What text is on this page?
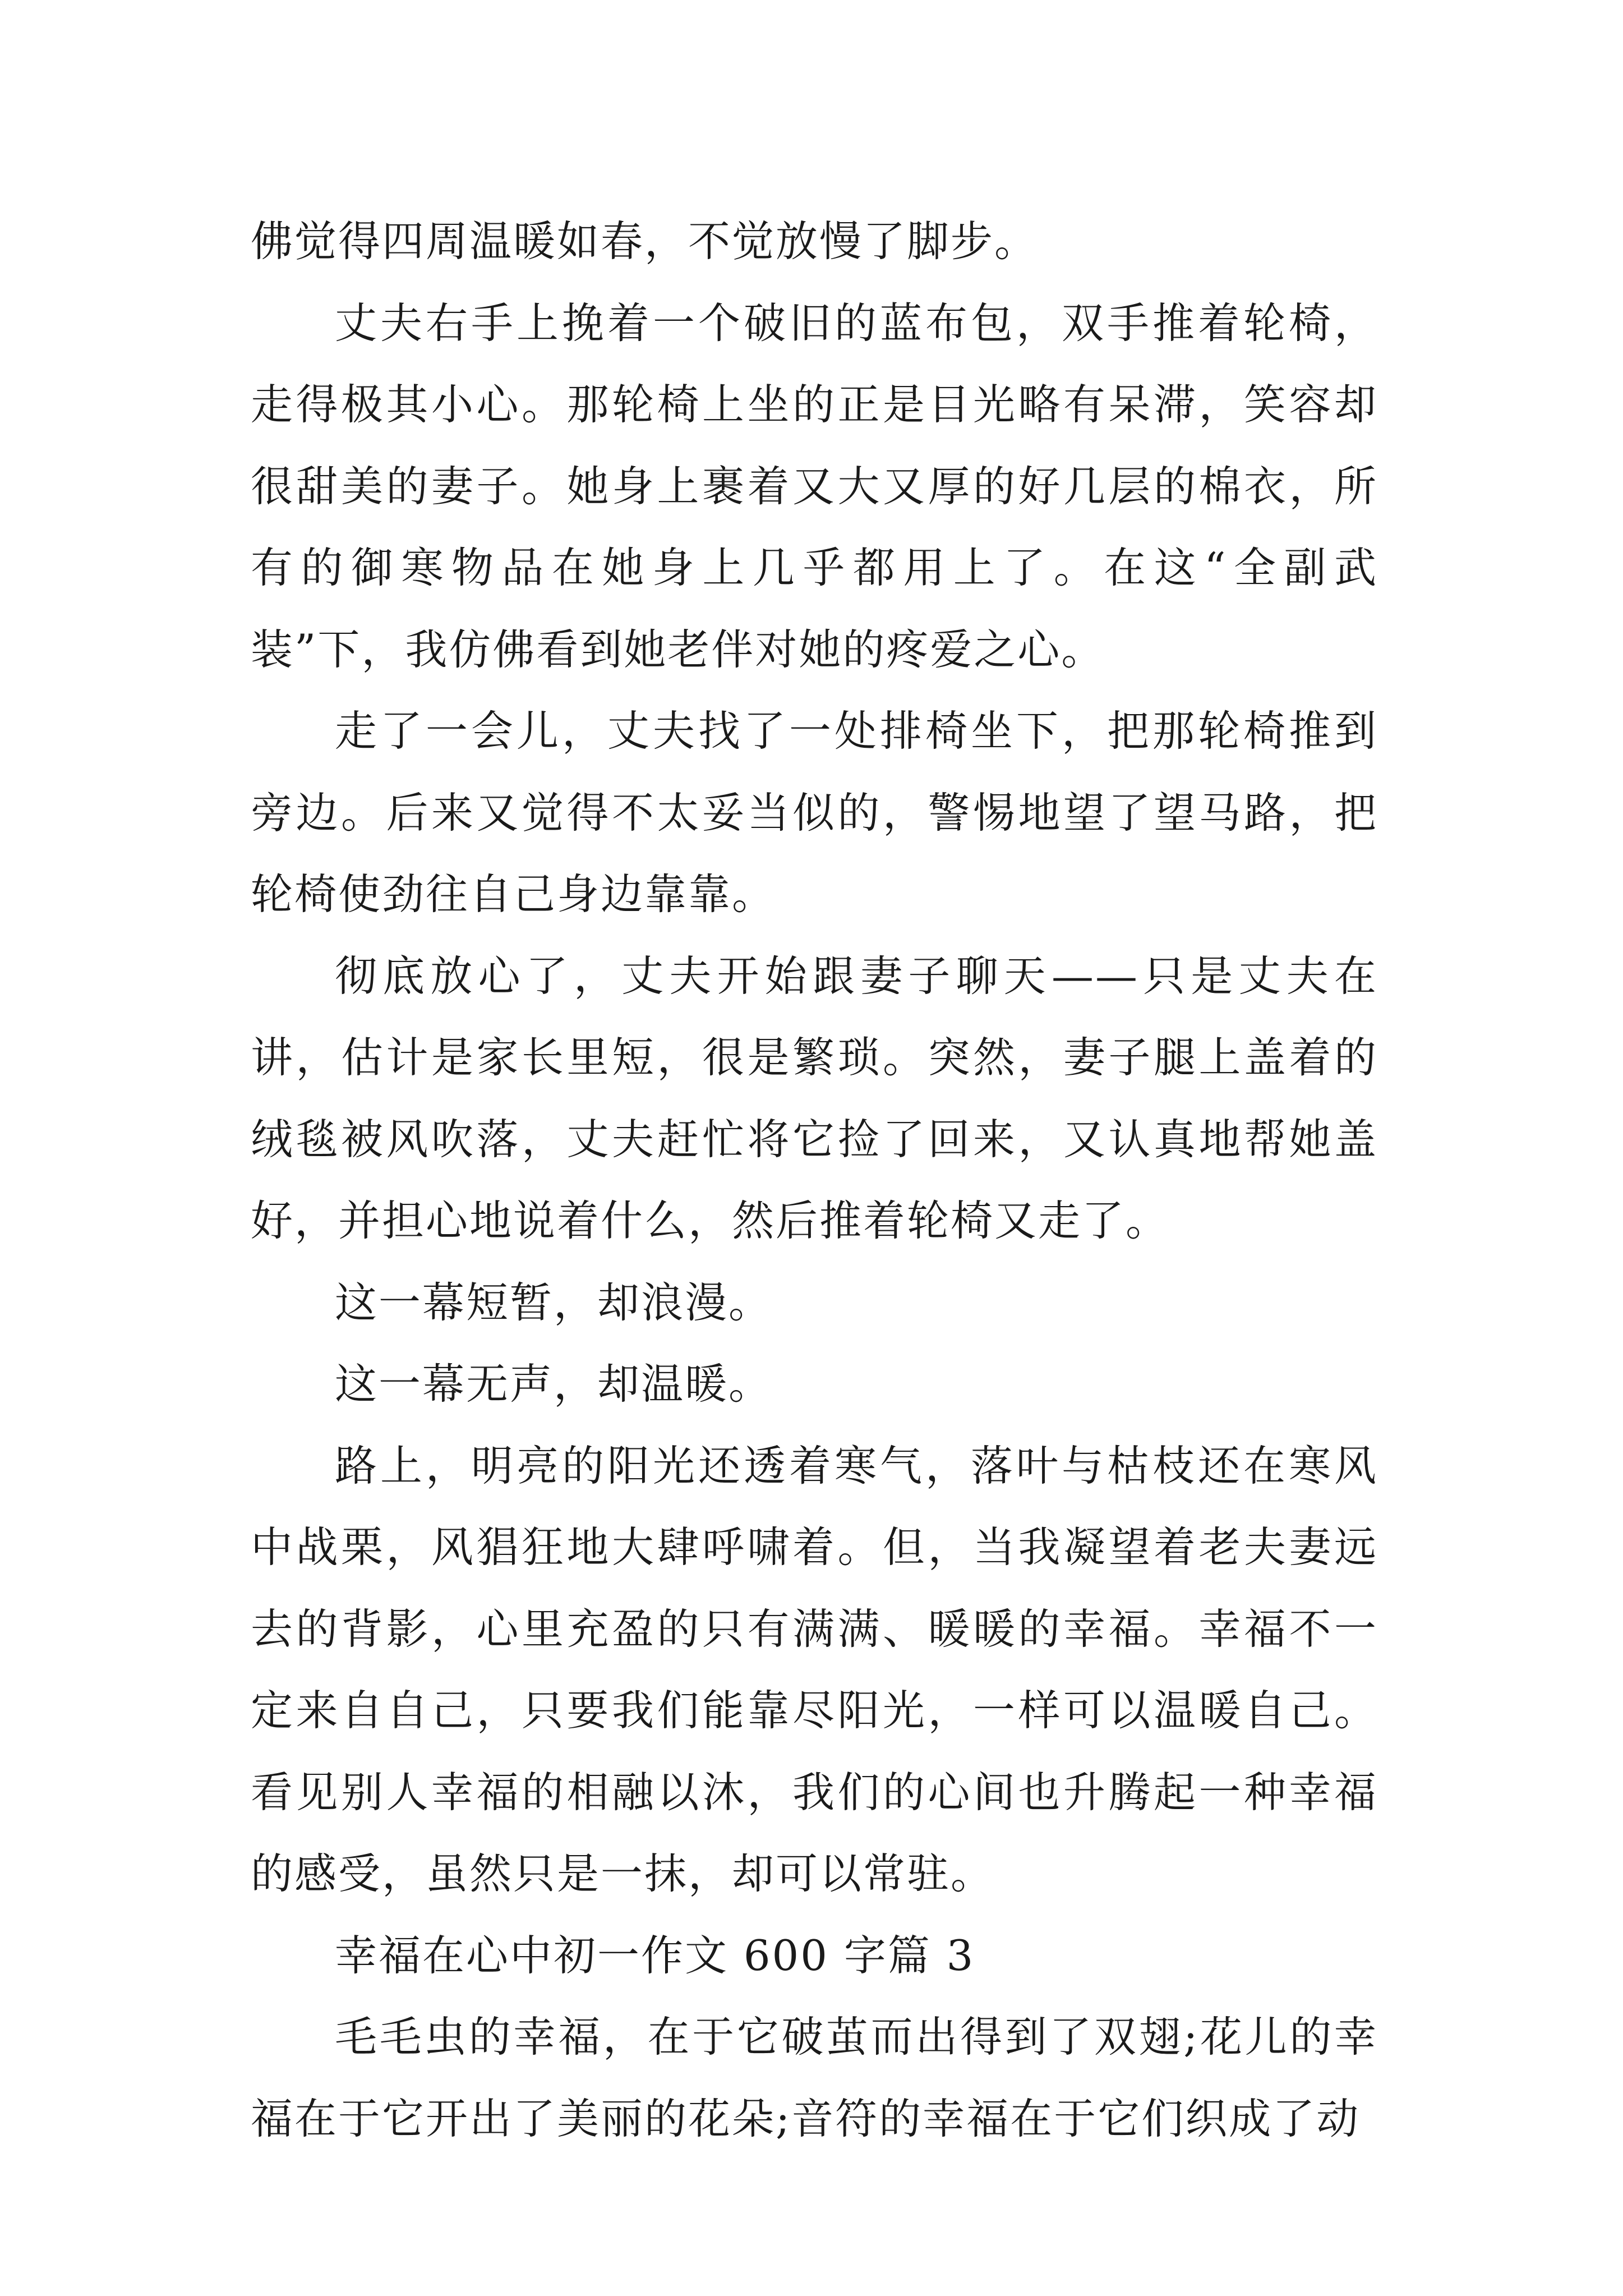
佛觉得四周温暖如春，不觉放慢了脚步。

丈夫右手上挽着一个破旧的蓝布包，双手推着轮椅，走得极其小心。那轮椅上坐的正是目光略有呆滞，笑容却很甜美的妻子。她身上裹着又大又厚的好几层的棉衣，所有的御寒物品在她身上几乎都用上了。在这“全副武装”下，我仿佛看到她老伴对她的疼爱之心。

走了一会儿，丈夫找了一处排椅坐下，把那轮椅推到旁边。后来又觉得不太妥当似的，警惕地望了望马路，把轮椅使劲往自己身边靠靠。

彻底放心了，丈夫开始跟妻子聊天——只是丈夫在讲，估计是家长里短，很是繁琐。突然，妻子腿上盖着的绒毯被风吹落，丈夫赶忙将它捡了回来，又认真地帮她盖好，并担心地说着什么，然后推着轮椅又走了。

这一幕短暂，却浪漫。

这一幕无声，却温暖。

路上，明亮的阳光还透着寒气，落叶与枯枝还在寒风中战栗，风猖狂地大肆呼啸着。但，当我凝望着老夫妻远去的背影，心里充盈的只有满满、暖暖的幸福。幸福不一定来自自己，只要我们能靠尽阳光，一样可以温暖自己。看见别人幸福的相融以沐，我们的心间也升腾起一种幸福的感受，虽然只是一抹，却可以常驻。

幸福在心中初一作文 600 字篇 3

毛毛虫的幸福，在于它破茧而出得到了双翅;花儿的幸福在于它开出了美丽的花朵;音符的幸福在于它们织成了动
